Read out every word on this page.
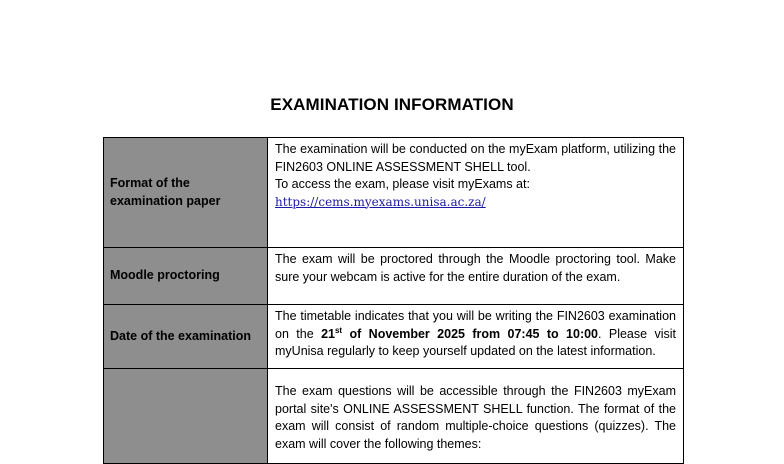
EXAMINATION INFORMATION
Format of the examination paper	The examination will be conducted on the myExam platform, utilizing the FIN2603 ONLINE ASSESSMENT SHELL tool.
To access the exam, please visit myExams at:
https://cems.myexams.unisa.ac.za/

Moodle proctoring	The exam will be proctored through the Moodle proctoring tool. Make sure your webcam is active for the entire duration of the exam.
Date of the examination	The timetable indicates that you will be writing the FIN2603 examination on the 21st of November 2025 from 07:45 to 10:00. Please visit myUnisa regularly to keep yourself updated on the latest information.
	The exam questions will be accessible through the FIN2603 myExam portal site's ONLINE ASSESSMENT SHELL function. The format of the exam will consist of random multiple-choice questions (quizzes). The exam will cover the following themes:
